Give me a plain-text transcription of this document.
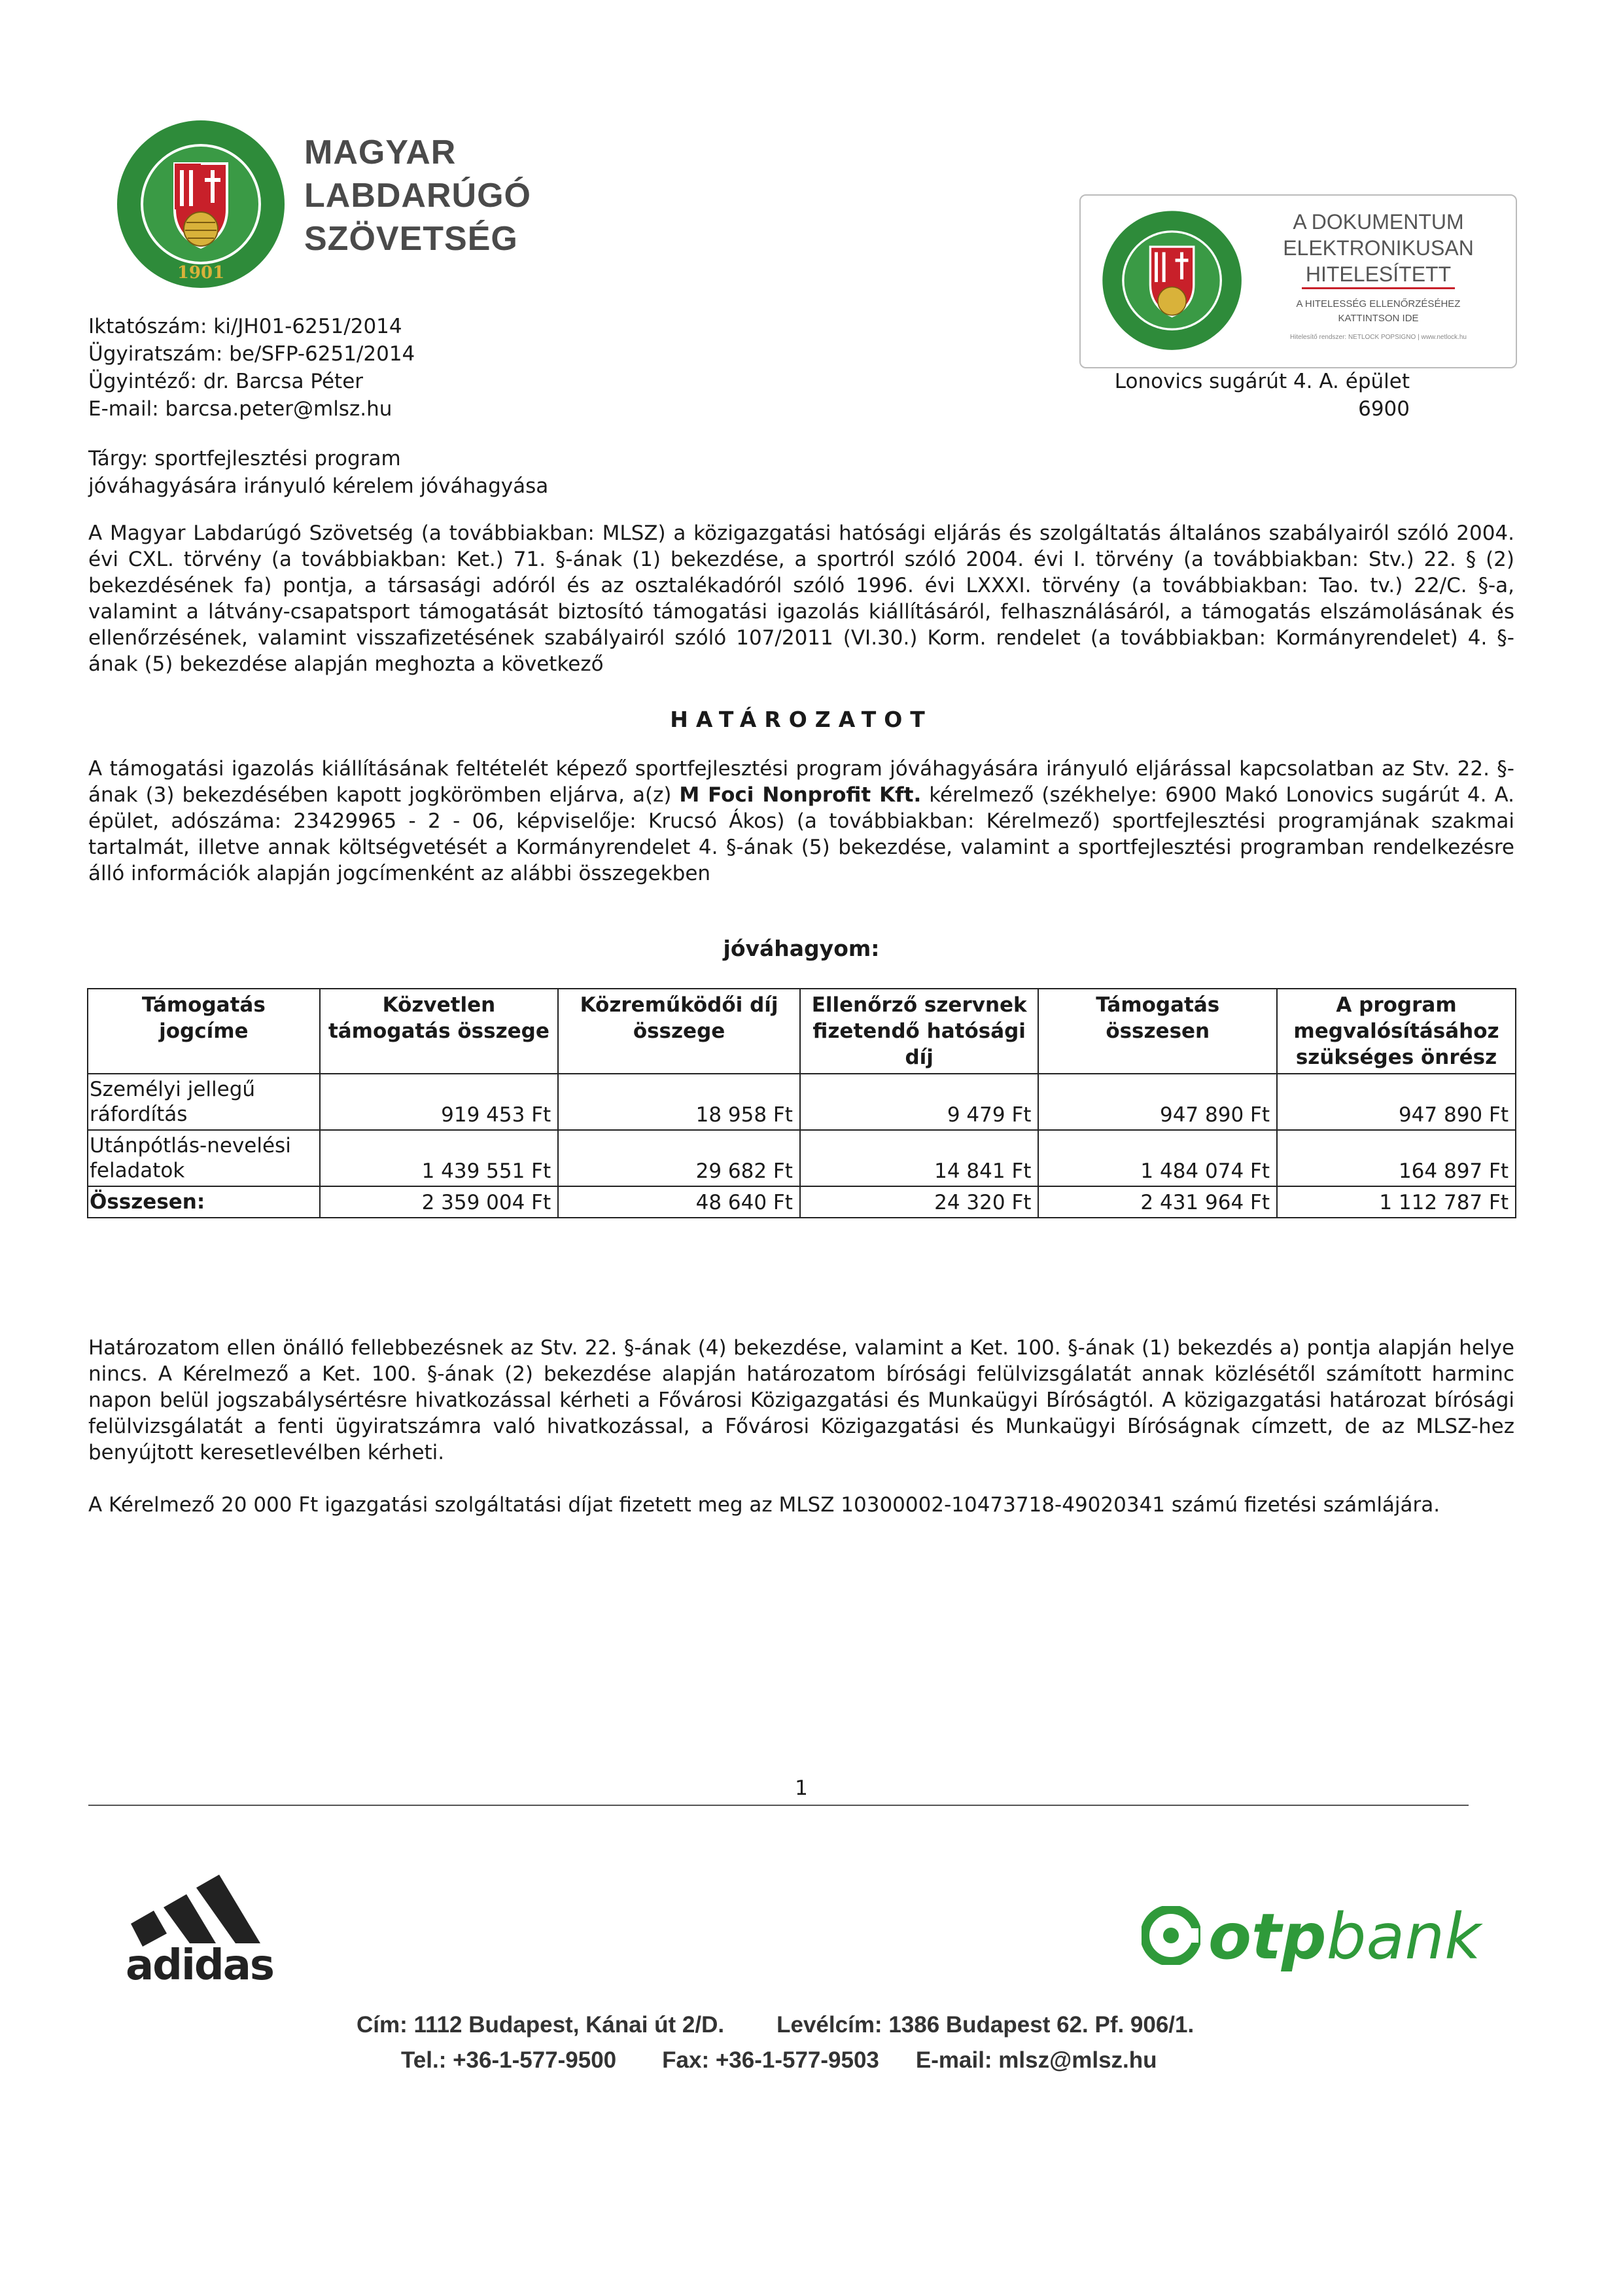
1901
MAGYAR
LABDARÚGÓ
SZÖVETSÉG
Iktatószám: ki/JH01-6251/2014
Ügyiratszám: be/SFP-6251/2014
Ügyintéző: dr. Barcsa Péter
E-mail: barcsa.peter@mlsz.hu
A DOKUMENTUM
ELEKTRONIKUSAN
HITELESÍTETT
A HITELESSÉG ELLENŐRZÉSÉHEZ
KATTINTSON IDE
Hitelesítő rendszer: NETLOCK POPSIGNO | www.netlock.hu
Lonovics sugárút 4. A. épület
6900
Tárgy: sportfejlesztési program
jóváhagyására irányuló kérelem jóváhagyása

A Magyar Labdarúgó Szövetség (a továbbiakban: MLSZ) a közigazgatási hatósági eljárás és szolgáltatás általános szabályairól szóló 2004. évi CXL. törvény (a továbbiakban: Ket.) 71. §-ának (1) bekezdése, a sportról szóló 2004. évi I. törvény (a továbbiakban: Stv.) 22. § (2) bekezdésének fa) pontja, a társasági adóról és az osztalékadóról szóló 1996. évi LXXXI. törvény (a továbbiakban: Tao. tv.) 22/C. §-a, valamint a látvány-csapatsport támogatását biztosító támogatási igazolás kiállításáról, felhasználásáról, a támogatás elszámolásának és ellenőrzésének, valamint visszafizetésének szabályairól szóló 107/2011 (VI.30.) Korm. rendelet (a továbbiakban: Kormányrendelet) 4. §-ának (5) bekezdése alapján meghozta a következő

HATÁROZATOT

A támogatási igazolás kiállításának feltételét képező sportfejlesztési program jóváhagyására irányuló eljárással kapcsolatban az Stv. 22. §-ának (3) bekezdésében kapott jogkörömben eljárva, a(z) M Foci Nonprofit Kft. kérelmező (székhelye: 6900 Makó Lonovics sugárút 4. A. épület, adószáma: 23429965 - 2 - 06, képviselője: Krucsó Ákos) (a továbbiakban: Kérelmező) sportfejlesztési programjának szakmai tartalmát, illetve annak költségvetését a Kormányrendelet 4. §-ának (5) bekezdése, valamint a sportfejlesztési programban rendelkezésre álló információk alapján jogcímenként az alábbi összegekben

jóváhagyom:
Támogatás jogcíme	Közvetlen támogatás összege	Közreműködői díj összege	Ellenőrző szervnek fizetendő hatósági díj	Támogatás összesen	A program megvalósításához szükséges önrész
Személyi jellegű ráfordítás	919 453 Ft	18 958 Ft	9 479 Ft	947 890 Ft	947 890 Ft
Utánpótlás-nevelési feladatok	1 439 551 Ft	29 682 Ft	14 841 Ft	1 484 074 Ft	164 897 Ft
Összesen:	2 359 004 Ft	48 640 Ft	24 320 Ft	2 431 964 Ft	1 112 787 Ft

Határozatom ellen önálló fellebbezésnek az Stv. 22. §-ának (4) bekezdése, valamint a Ket. 100. §-ának (1) bekezdés a) pontja alapján helye nincs. A Kérelmező a Ket. 100. §-ának (2) bekezdése alapján határozatom bírósági felülvizsgálatát annak közlésétől számított harminc napon belül jogszabálysértésre hivatkozással kérheti a Fővárosi Közigazgatási és Munkaügyi Bíróságtól. A közigazgatási határozat bírósági felülvizsgálatát a fenti ügyiratszámra való hivatkozással, a Fővárosi Közigazgatási és Munkaügyi Bíróságnak címzett, de az MLSZ-hez benyújtott keresetlevélben kérheti.

A Kérelmező 20 000 Ft igazgatási szolgáltatási díjat fizetett meg az MLSZ 10300002-10473718-49020341 számú fizetési számlájára.

1
adidas	otpbank
Cím: 1112 Budapest, Kánai út 2/D. Levélcím: 1386 Budapest 62. Pf. 906/1.
Tel.: +36-1-577-9500 Fax: +36-1-577-9503 E-mail: mlsz@mlsz.hu
